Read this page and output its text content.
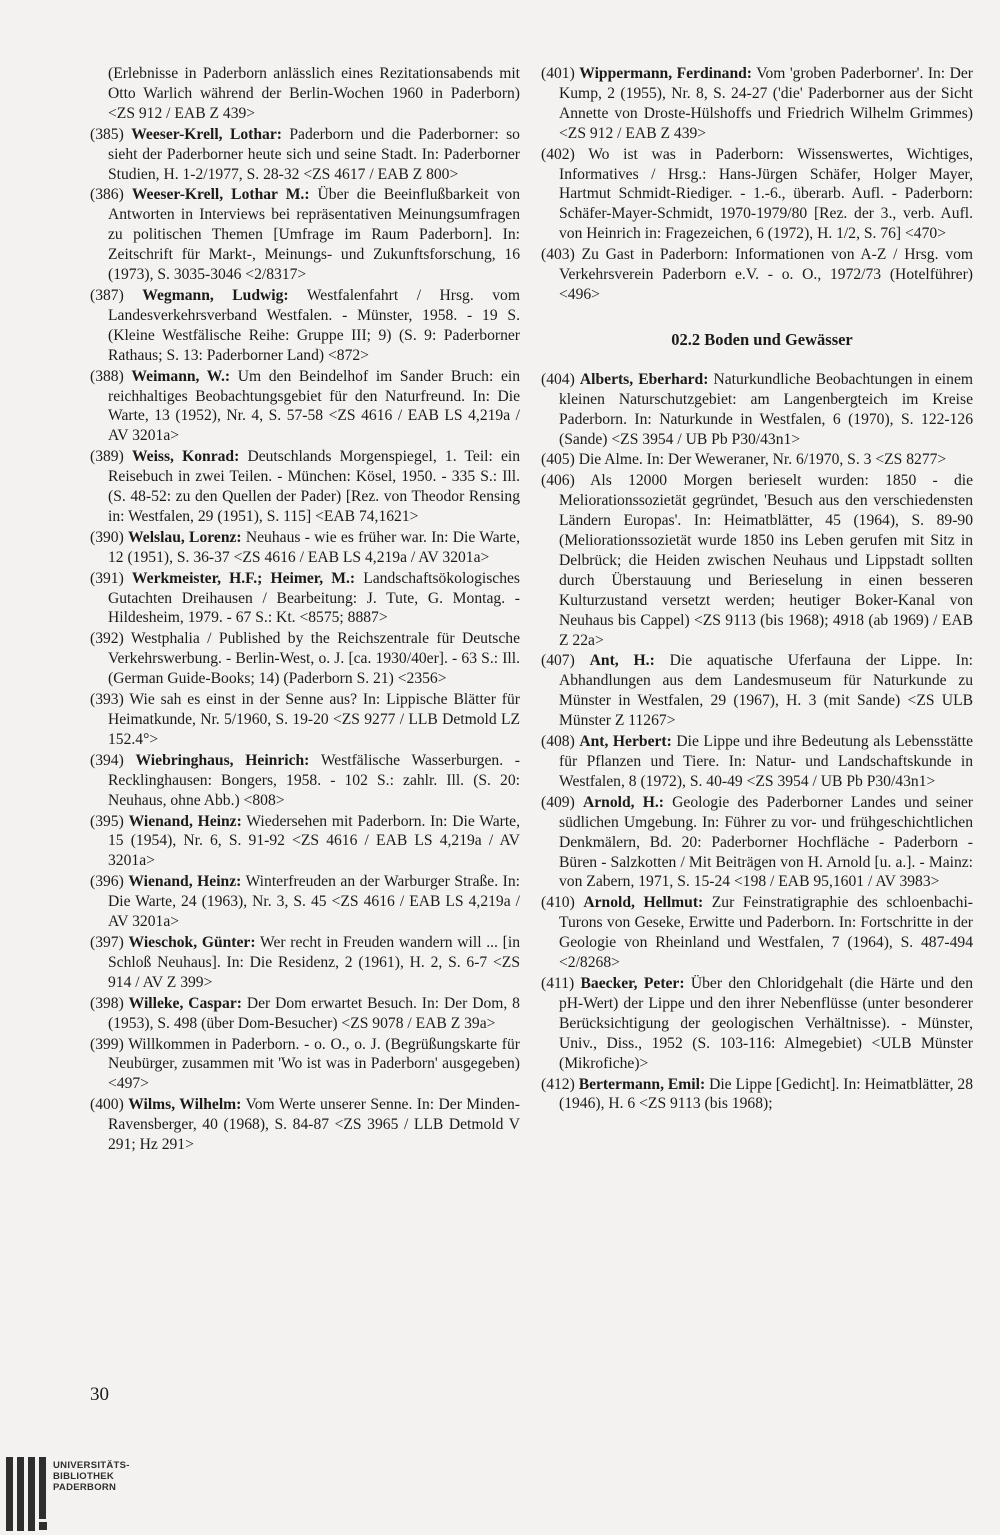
(Erlebnisse in Paderborn anlässlich eines Rezitationsabends mit Otto Warlich während der Berlin-Wochen 1960 in Paderborn) <ZS 912 / EAB Z 439>
(385) Weeser-Krell, Lothar: Paderborn und die Paderborner: so sieht der Paderborner heute sich und seine Stadt. In: Paderborner Studien, H. 1-2/1977, S. 28-32 <ZS 4617 / EAB Z 800>
(386) Weeser-Krell, Lothar M.: Über die Beeinflußbarkeit von Antworten in Interviews bei repräsentativen Meinungsumfragen zu politischen Themen [Umfrage im Raum Paderborn]. In: Zeitschrift für Markt-, Meinungs- und Zukunftsforschung, 16 (1973), S. 3035-3046 <2/8317>
(387) Wegmann, Ludwig: Westfalenfahrt / Hrsg. vom Landesverkehrsverband Westfalen. - Münster, 1958. - 19 S. (Kleine Westfälische Reihe: Gruppe III; 9) (S. 9: Paderborner Rathaus; S. 13: Paderborner Land) <872>
(388) Weimann, W.: Um den Beindelhof im Sander Bruch: ein reichhaltiges Beobachtungsgebiet für den Naturfreund. In: Die Warte, 13 (1952), Nr. 4, S. 57-58 <ZS 4616 / EAB LS 4,219a / AV 3201a>
(389) Weiss, Konrad: Deutschlands Morgenspiegel, 1. Teil: ein Reisebuch in zwei Teilen. - München: Kösel, 1950. - 335 S.: Ill. (S. 48-52: zu den Quellen der Pader) [Rez. von Theodor Rensing in: Westfalen, 29 (1951), S. 115] <EAB 74,1621>
(390) Welslau, Lorenz: Neuhaus - wie es früher war. In: Die Warte, 12 (1951), S. 36-37 <ZS 4616 / EAB LS 4,219a / AV 3201a>
(391) Werkmeister, H.F.; Heimer, M.: Landschaftsökologisches Gutachten Dreihausen / Bearbeitung: J. Tute, G. Montag. - Hildesheim, 1979. - 67 S.: Kt. <8575; 8887>
(392) Westphalia / Published by the Reichszentrale für Deutsche Verkehrswerbung. - Berlin-West, o. J. [ca. 1930/40er]. - 63 S.: Ill. (German Guide-Books; 14) (Paderborn S. 21) <2356>
(393) Wie sah es einst in der Senne aus? In: Lippische Blätter für Heimatkunde, Nr. 5/1960, S. 19-20 <ZS 9277 / LLB Detmold LZ 152.4°>
(394) Wiebringhaus, Heinrich: Westfälische Wasserburgen. - Recklinghausen: Bongers, 1958. - 102 S.: zahlr. Ill. (S. 20: Neuhaus, ohne Abb.) <808>
(395) Wienand, Heinz: Wiedersehen mit Paderborn. In: Die Warte, 15 (1954), Nr. 6, S. 91-92 <ZS 4616 / EAB LS 4,219a / AV 3201a>
(396) Wienand, Heinz: Winterfreuden an der Warburger Straße. In: Die Warte, 24 (1963), Nr. 3, S. 45 <ZS 4616 / EAB LS 4,219a / AV 3201a>
(397) Wieschok, Günter: Wer recht in Freuden wandern will ... [in Schloß Neuhaus]. In: Die Residenz, 2 (1961), H. 2, S. 6-7 <ZS 914 / AV Z 399>
(398) Willeke, Caspar: Der Dom erwartet Besuch. In: Der Dom, 8 (1953), S. 498 (über Dom-Besucher) <ZS 9078 / EAB Z 39a>
(399) Willkommen in Paderborn. - o. O., o. J. (Begrüßungskarte für Neubürger, zusammen mit 'Wo ist was in Paderborn' ausgegeben) <497>
(400) Wilms, Wilhelm: Vom Werte unserer Senne. In: Der Minden-Ravensberger, 40 (1968), S. 84-87 <ZS 3965 / LLB Detmold V 291; Hz 291>
(401) Wippermann, Ferdinand: Vom 'groben Paderborner'. In: Der Kump, 2 (1955), Nr. 8, S. 24-27 ('die' Paderborner aus der Sicht Annette von Droste-Hülshoffs und Friedrich Wilhelm Grimmes) <ZS 912 / EAB Z 439>
(402) Wo ist was in Paderborn: Wissenswertes, Wichtiges, Informatives / Hrsg.: Hans-Jürgen Schäfer, Holger Mayer, Hartmut Schmidt-Riediger. - 1.-6., überarb. Aufl. - Paderborn: Schäfer-Mayer-Schmidt, 1970-1979/80 [Rez. der 3., verb. Aufl. von Heinrich in: Fragezeichen, 6 (1972), H. 1/2, S. 76] <470>
(403) Zu Gast in Paderborn: Informationen von A-Z / Hrsg. vom Verkehrsverein Paderborn e.V. - o. O., 1972/73 (Hotelführer) <496>
02.2 Boden und Gewässer
(404) Alberts, Eberhard: Naturkundliche Beobachtungen in einem kleinen Naturschutzgebiet: am Langenbergteich im Kreise Paderborn. In: Naturkunde in Westfalen, 6 (1970), S. 122-126 (Sande) <ZS 3954 / UB Pb P30/43n1>
(405) Die Alme. In: Der Weweraner, Nr. 6/1970, S. 3 <ZS 8277>
(406) Als 12000 Morgen berieselt wurden: 1850 - die Meliorationssozietät gegründet, 'Besuch aus den verschiedensten Ländern Europas'. In: Heimatblätter, 45 (1964), S. 89-90 (Meliorationssozietät wurde 1850 ins Leben gerufen mit Sitz in Delbrück; die Heiden zwischen Neuhaus und Lippstadt sollten durch Überstauung und Berieselung in einen besseren Kulturzustand versetzt werden; heutiger Boker-Kanal von Neuhaus bis Cappel) <ZS 9113 (bis 1968); 4918 (ab 1969) / EAB Z 22a>
(407) Ant, H.: Die aquatische Uferfauna der Lippe. In: Abhandlungen aus dem Landesmuseum für Naturkunde zu Münster in Westfalen, 29 (1967), H. 3 (mit Sande) <ZS ULB Münster Z 11267>
(408) Ant, Herbert: Die Lippe und ihre Bedeutung als Lebensstätte für Pflanzen und Tiere. In: Natur- und Landschaftskunde in Westfalen, 8 (1972), S. 40-49 <ZS 3954 / UB Pb P30/43n1>
(409) Arnold, H.: Geologie des Paderborner Landes und seiner südlichen Umgebung. In: Führer zu vor- und frühgeschichtlichen Denkmälern, Bd. 20: Paderborner Hochfläche - Paderborn - Büren - Salzkotten / Mit Beiträgen von H. Arnold [u. a.]. - Mainz: von Zabern, 1971, S. 15-24 <198 / EAB 95,1601 / AV 3983>
(410) Arnold, Hellmut: Zur Feinstratigraphie des schloenbachi-Turons von Geseke, Erwitte und Paderborn. In: Fortschritte in der Geologie von Rheinland und Westfalen, 7 (1964), S. 487-494 <2/8268>
(411) Baecker, Peter: Über den Chloridgehalt (die Härte und den pH-Wert) der Lippe und den ihrer Nebenflüsse (unter besonderer Berücksichtigung der geologischen Verhältnisse). - Münster, Univ., Diss., 1952 (S. 103-116: Almegebiet) <ULB Münster (Mikrofiche)>
(412) Bertermann, Emil: Die Lippe [Gedicht]. In: Heimatblätter, 28 (1946), H. 6 <ZS 9113 (bis 1968);
30
UNIVERSITÄTS-
BIBLIOTHEK
PADERBORN
